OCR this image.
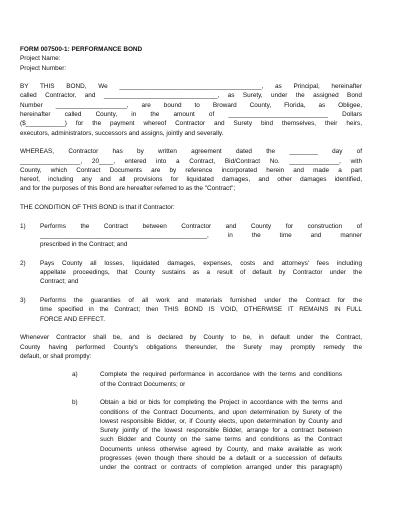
FORM 007500-1: PERFORMANCE BOND
Project Name:
Project Number:
BY THIS BOND, We ________________________________________, as Principal, hereinafter
called Contractor, and ________________________________, as Surety, under the assigned Bond
Number ____________________, are bound to Broward County, Florida, as Obligee,
hereinafter called County, in the amount of ____________________________ Dollars
($___________) for the payment whereof Contractor and Surety bind themselves, their heirs,
executors, administrators, successors and assigns, jointly and severally.
WHEREAS, Contractor has by written agreement dated the ________ day of
_________________, 20____, entered into a Contract, Bid/Contract No. ______________, with
County, which Contract Documents are by reference incorporated herein and made a part
hereof, including any and all provisions for liquidated damages, and other damages identified,
and for the purposes of this Bond are hereafter referred to as the "Contract";
THE CONDITION OF THIS BOND is that if Contractor:
1)	Performs the Contract between Contractor and County for construction of
_______________________________________________, in the time and manner
prescribed in the Contract; and
2)	Pays County all losses, liquidated damages, expenses, costs and attorneys' fees including
appellate proceedings, that County sustains as a result of default by Contractor under the
Contract; and
3)	Performs the guaranties of all work and materials furnished under the Contract for the
time specified in the Contract; then THIS BOND IS VOID, OTHERWISE IT REMAINS IN FULL
FORCE AND EFFECT.
Whenever Contractor shall be, and is declared by County to be, in default under the Contract,
County having performed County's obligations thereunder, the Surety may promptly remedy the
default, or shall promptly:
a)	Complete the required performance in accordance with the terms and conditions
of the Contract Documents; or
b)	Obtain a bid or bids for completing the Project in accordance with the terms and
conditions of the Contract Documents, and upon determination by Surety of the
lowest responsible Bidder, or, if County elects, upon determination by County and
Surety jointly of the lowest responsible Bidder, arrange for a contract between
such Bidder and County on the same terms and conditions as the Contract
Documents unless otherwise agreed by County, and make available as work
progresses (even though there should be a default or a succession of defaults
under the contract or contracts of completion arranged under this paragraph)
